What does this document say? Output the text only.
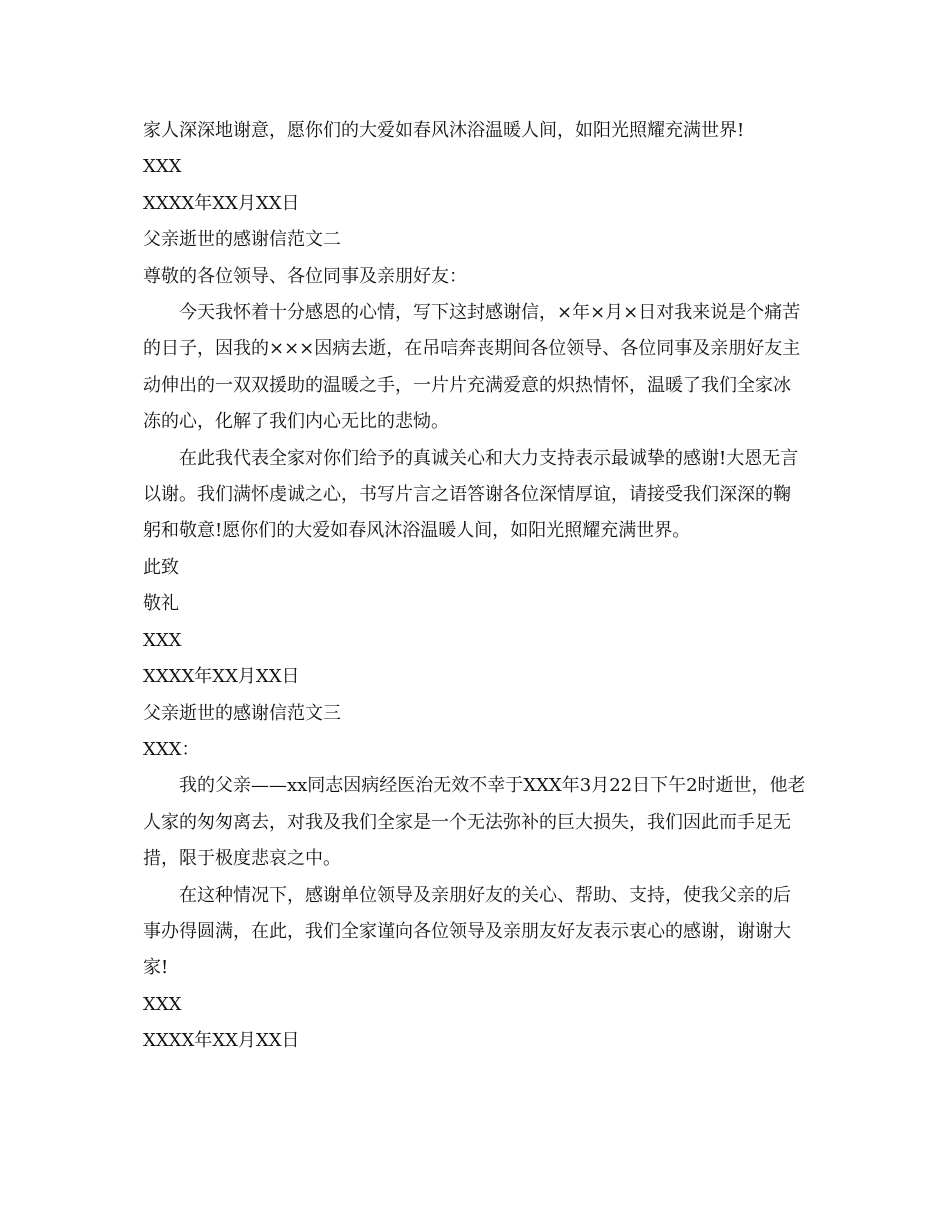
家人深深地谢意，愿你们的大爱如春风沐浴温暖人间，如阳光照耀充满世界!

XXX

XXXX年XX月XX日

父亲逝世的感谢信范文二

尊敬的各位领导、各位同事及亲朋好友：

今天我怀着十分感恩的心情，写下这封感谢信，×年×月×日对我来说是个痛苦的日子，因我的×××因病去逝，在吊唁奔丧期间各位领导、各位同事及亲朋好友主动伸出的一双双援助的温暖之手，一片片充满爱意的炽热情怀，温暖了我们全家冰冻的心，化解了我们内心无比的悲恸。

在此我代表全家对你们给予的真诚关心和大力支持表示最诚挚的感谢!大恩无言以谢。我们满怀虔诚之心，书写片言之语答谢各位深情厚谊，请接受我们深深的鞠躬和敬意!愿你们的大爱如春风沐浴温暖人间，如阳光照耀充满世界。

此致

敬礼

XXX

XXXX年XX月XX日

父亲逝世的感谢信范文三

XXX：

我的父亲——xx同志因病经医治无效不幸于XXX年3月22日下午2时逝世，他老人家的匆匆离去，对我及我们全家是一个无法弥补的巨大损失，我们因此而手足无措，限于极度悲哀之中。

在这种情况下，感谢单位领导及亲朋好友的关心、帮助、支持，使我父亲的后事办得圆满，在此，我们全家谨向各位领导及亲朋友好友表示衷心的感谢，谢谢大家!

XXX

XXXX年XX月XX日
